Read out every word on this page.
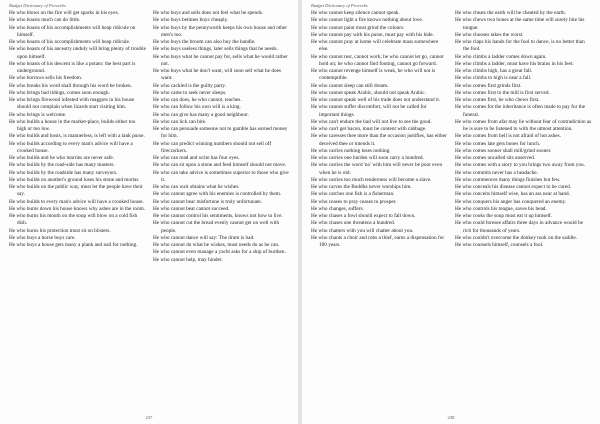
Budget Dictionary of Proverbs

He who blows on the fire will get sparks in his eyes.

He who boasts much can do little.

He who boasts of his accomplishments will heap ridicule on himself.

He who boasts of his accomplishments will heap ridicule.

He who boasts of his ancestry unduly will bring plenty of trouble upon himself.

He who boasts of his descent is like a potato: the best part is underground.

He who borrows sells his freedom.

He who breaks his word shall through his word be broken.

He who brings bad tidings, comes soon enough.

He who brings firewood infested with maggots in his house should not complain when lizards start visiting him.

He who brings is welcome.

He who builds a house in the market-place, builds either too high or too low.

He who builds and hosts, is mannerless, is left with a lank purse.

He who builds according to every man's advice will have a crooked house.

He who builds and he who marries are never safe.

He who builds by the road-side has many masters.

He who builds by the roadside has many surveyors.

He who builds on another's ground loses his stone and mortar.

He who builds on the public way, must let the people have their say.

He who builds to every man's advice will have a crooked house.

He who burns down his house knows why ashes are in the room.

He who burns his mouth on the soup will blow on a cold fish dish.

He who burns his protection must sit on blisters.

He who buys a horse buys care.

He who buys a house gets many a plank and nail for nothing.

He who buys and sells does not feel what he spends.

He who buys betimes buys cheaply.

He who buys by the pennyworth keeps his own house and other men's too.

He who buys the broom can also buy the handle.

He who buys useless things, later sells things that he needs.

He who buys what he cannot pay for, sells what he would rather not.

He who buys what he don't want, will soon sell what he does want.

He who cackled is the guilty party.

He who came to seek never sleeps.

He who can does, he who cannot, teaches.

He who can follow his own will is a king.

He who can give has many a good neighbour.

He who can lick can bite.

He who can persuade someone not to gamble has earned money for him.

He who can predict winning numbers should not sell off firecrackers.

He who can read and write has four eyes.

He who can sit upon a stone and feed himself should not move.

He who can take advice is sometimes superior to those who give it.

He who can wait obtains what he wishes.

He who cannot agree with his enemies is controlled by them.

He who cannot bear misfortune is truly unfortunate.

He who cannot beat cannot succeed.

He who cannot control his sentiments, knows not how to live.

He who cannot cut the bread evenly cannot get on well with people.

He who cannot dance will say: The drum is bad.

He who cannot do what he wishes, must needs do as he can.

He who cannot even manage a yacht asks for a ship of burthen.

He who cannot help, may hinder.

237
Budget Dictionary of Proverbs

He who cannot keep silence cannot speak.

He who cannot light a fire knows nothing about love.

He who cannot paint must grind the colours.

He who cannot pay with his purse, must pay with his hide.

He who cannot pray at home will celebrate mass somewhere else.

He who cannot rest, cannot work; he who cannot let go, cannot hold on; he who cannot find footing, cannot go forward.

He who cannot revenge himself is weak, he who will not is contemptible.

He who cannot sleep can still dream.

He who cannot speak Arabic, should not speak Arabic.

He who cannot speak well of his trade does not understand it.

He who cannot suffer discomfort, will not be called for important things.

He who can't endure the bad will not live to see the good.

He who can't get bacon, must be content with cabbage.

He who caresses thee more than the occasion justifies, has either deceived thee or intends it.

He who carries nothing loses nothing.

He who carries one burden will soon carry a hundred.

He who carries the word 'no' with him will never be poor even when he is old.

He who carries too much tenderness will become a slave.

He who carves the Buddha never worships him.

He who catches one fish is a fisherman.

He who ceases to pray ceases to prosper.

He who changes, suffers.

He who chases a fowl should expect to fall down.

He who chases one threatens a hundred.

He who chatters with you will chatter about you.

He who chants a choir and robs a thief, earns a dispensation for 100 years.

He who cheats the earth will be cheated by the earth.

He who chews two bones at the same time will surely bite his tongue.

He who chooses takes the worst.

He who claps his hands for the fool to dance, is no better than the fool.

He who climbs a ladder comes down again.

He who climbs a ladder, must have his brains in his feet.

He who climbs high, has a great fall.

He who climbs to high is near a fall.

He who comes first grinds first.

He who comes first to the mill is first served.

He who comes first, he who chews first.

He who comes for the inheritance is often made to pay for the funeral.

He who comes from afar may lie without fear of contradiction as he is sure to be listened to with the utmost attention.

He who comes from hell is not afraid of hot ashes.

He who comes late gets bones for lunch.

He who comes sooner shall mill/grind sooner.

He who comes uncalled sits unserved.

He who comes with a story to you brings two away from you.

He who commits never has a headache.

He who commences many things finishes but few.

He who conceals his disease cannot expect to be cured.

He who conceits himself wise, has an ass near at hand.

He who conquers his anger has conquered an enemy.

He who controls his tongue, saves his head.

He who cooks the soup must eat it up himself.

He who could foresee affairs three days in advance would be rich for thousands of years.

He who couldn't overcome the donkey took on the saddle.

He who counsels himself, counsels a fool.

238
